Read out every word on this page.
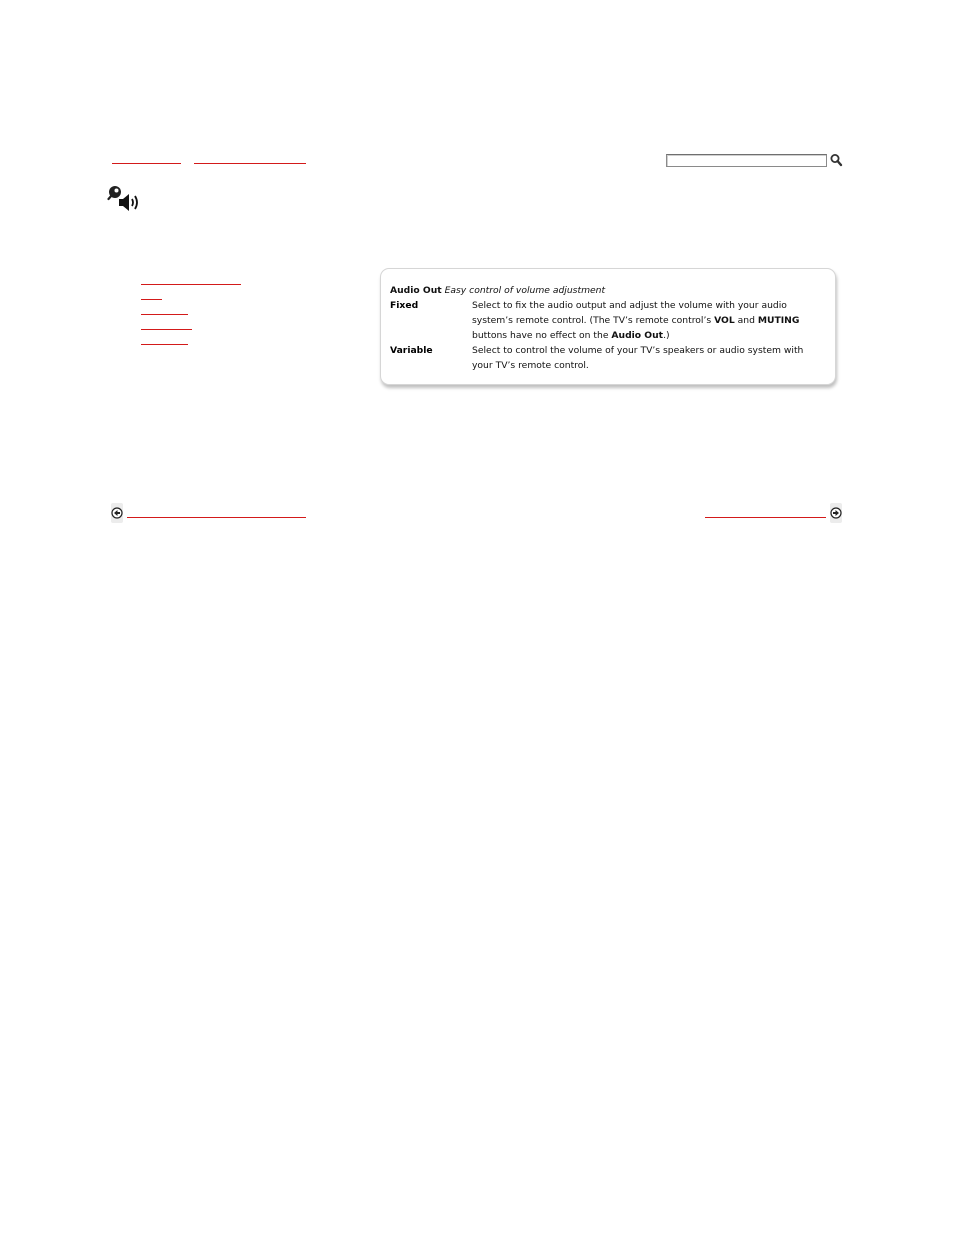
Audio Out Easy control of volume adjustment
Fixed	Select to fix the audio output and adjust the volume with your audio
system’s remote control. (The TV’s remote control’s VOL and MUTING
buttons have no effect on the Audio Out.)
Variable	Select to control the volume of your TV’s speakers or audio system with
your TV’s remote control.
